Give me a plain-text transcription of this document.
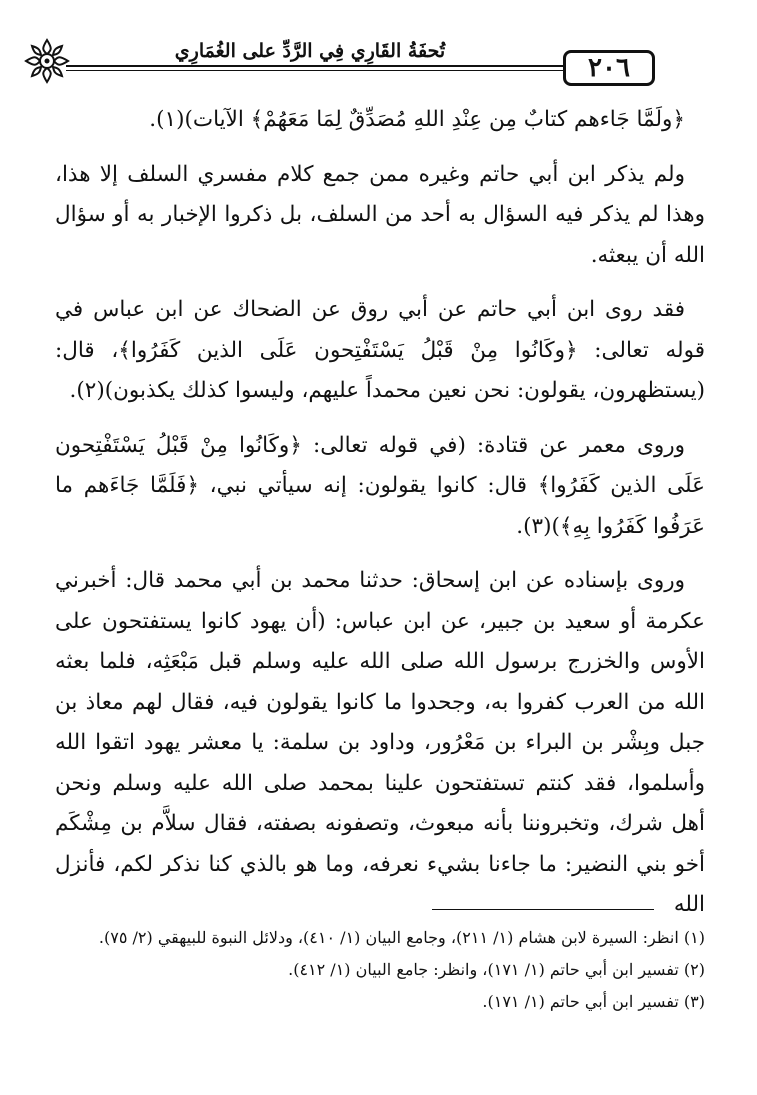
تُحفَةُ القَارِي فِي الرَّدِّ على الغُمَارِي
٢٠٦

﴿ولَمَّا جَاءهم كتابٌ مِن عِنْدِ اللهِ مُصَدِّقٌ لِمَا مَعَهُمْ﴾ الآيات)(١).

ولم يذكر ابن أبي حاتم وغيره ممن جمع كلام مفسري السلف إلا هذا، وهذا لم يذكر فيه السؤال به أحد من السلف، بل ذكروا الإخبار به أو سؤال الله أن يبعثه.

فقد روى ابن أبي حاتم عن أبي روق عن الضحاك عن ابن عباس في قوله تعالى: ﴿وكَانُوا مِنْ قَبْلُ يَسْتَفْتِحون عَلَى الذين كَفَرُوا﴾، قال: (يستظهرون، يقولون: نحن نعين محمداً عليهم، وليسوا كذلك يكذبون)(٢).

وروى معمر عن قتادة: (في قوله تعالى: ﴿وكَانُوا مِنْ قَبْلُ يَسْتَفْتِحون عَلَى الذين كَفَرُوا﴾ قال: كانوا يقولون: إنه سيأتي نبي، ﴿فَلَمَّا جَاءَهم ما عَرَفُوا كَفَرُوا بِهِ﴾)(٣).

وروى بإسناده عن ابن إسحاق: حدثنا محمد بن أبي محمد قال: أخبرني عكرمة أو سعيد بن جبير، عن ابن عباس: (أن يهود كانوا يستفتحون على الأوس والخزرج برسول الله صلى الله عليه وسلم قبل مَبْعَثِه، فلما بعثه الله من العرب كفروا به، وجحدوا ما كانوا يقولون فيه، فقال لهم معاذ بن جبل وبِشْر بن البراء بن مَعْرُور، وداود بن سلمة: يا معشر يهود اتقوا الله وأسلموا، فقد كنتم تستفتحون علينا بمحمد صلى الله عليه وسلم ونحن أهل شرك، وتخبروننا بأنه مبعوث، وتصفونه بصفته، فقال سلاَّم بن مِشْكَم أخو بني النضير: ما جاءنا بشيء نعرفه، وما هو بالذي كنا نذكر لكم، فأنزل الله

(١) انظر: السيرة لابن هشام (١/ ٢١١)، وجامع البيان (١/ ٤١٠)، ودلائل النبوة للبيهقي (٢/ ٧٥).

(٢) تفسير ابن أبي حاتم (١/ ١٧١)، وانظر: جامع البيان (١/ ٤١٢).

(٣) تفسير ابن أبي حاتم (١/ ١٧١).
